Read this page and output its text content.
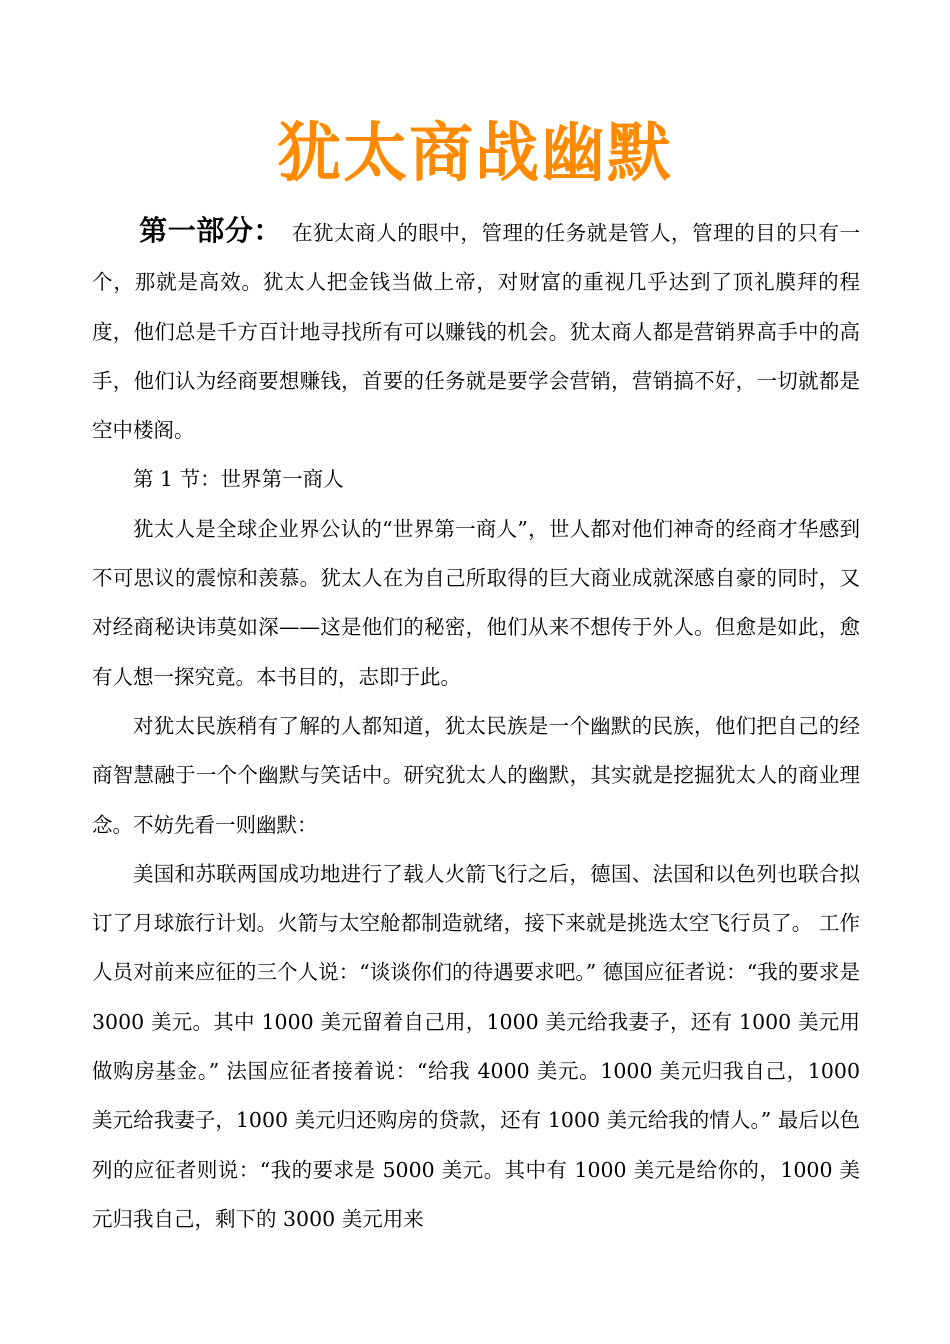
犹太商战幽默

第一部分： 在犹太商人的眼中，管理的任务就是管人，管理的目的只有一个，那就是高效。犹太人把金钱当做上帝，对财富的重视几乎达到了顶礼膜拜的程度，他们总是千方百计地寻找所有可以赚钱的机会。犹太商人都是营销界高手中的高手，他们认为经商要想赚钱，首要的任务就是要学会营销，营销搞不好，一切就都是空中楼阁。

第 1 节：世界第一商人

犹太人是全球企业界公认的“世界第一商人”，世人都对他们神奇的经商才华感到不可思议的震惊和羡慕。犹太人在为自己所取得的巨大商业成就深感自豪的同时，又对经商秘诀讳莫如深——这是他们的秘密，他们从来不想传于外人。但愈是如此，愈有人想一探究竟。本书目的，志即于此。

对犹太民族稍有了解的人都知道，犹太民族是一个幽默的民族，他们把自己的经商智慧融于一个个幽默与笑话中。研究犹太人的幽默，其实就是挖掘犹太人的商业理念。不妨先看一则幽默：

美国和苏联两国成功地进行了载人火箭飞行之后，德国、法国和以色列也联合拟订了月球旅行计划。火箭与太空舱都制造就绪，接下来就是挑选太空飞行员了。 工作人员对前来应征的三个人说：“谈谈你们的待遇要求吧。” 德国应征者说：“我的要求是 3000 美元。其中 1000 美元留着自己用，1000 美元给我妻子，还有 1000 美元用做购房基金。” 法国应征者接着说：“给我 4000 美元。1000 美元归我自己，1000 美元给我妻子，1000 美元归还购房的贷款，还有 1000 美元给我的情人。” 最后以色列的应征者则说：“我的要求是 5000 美元。其中有 1000 美元是给你的，1000 美元归我自己，剩下的 3000 美元用来
